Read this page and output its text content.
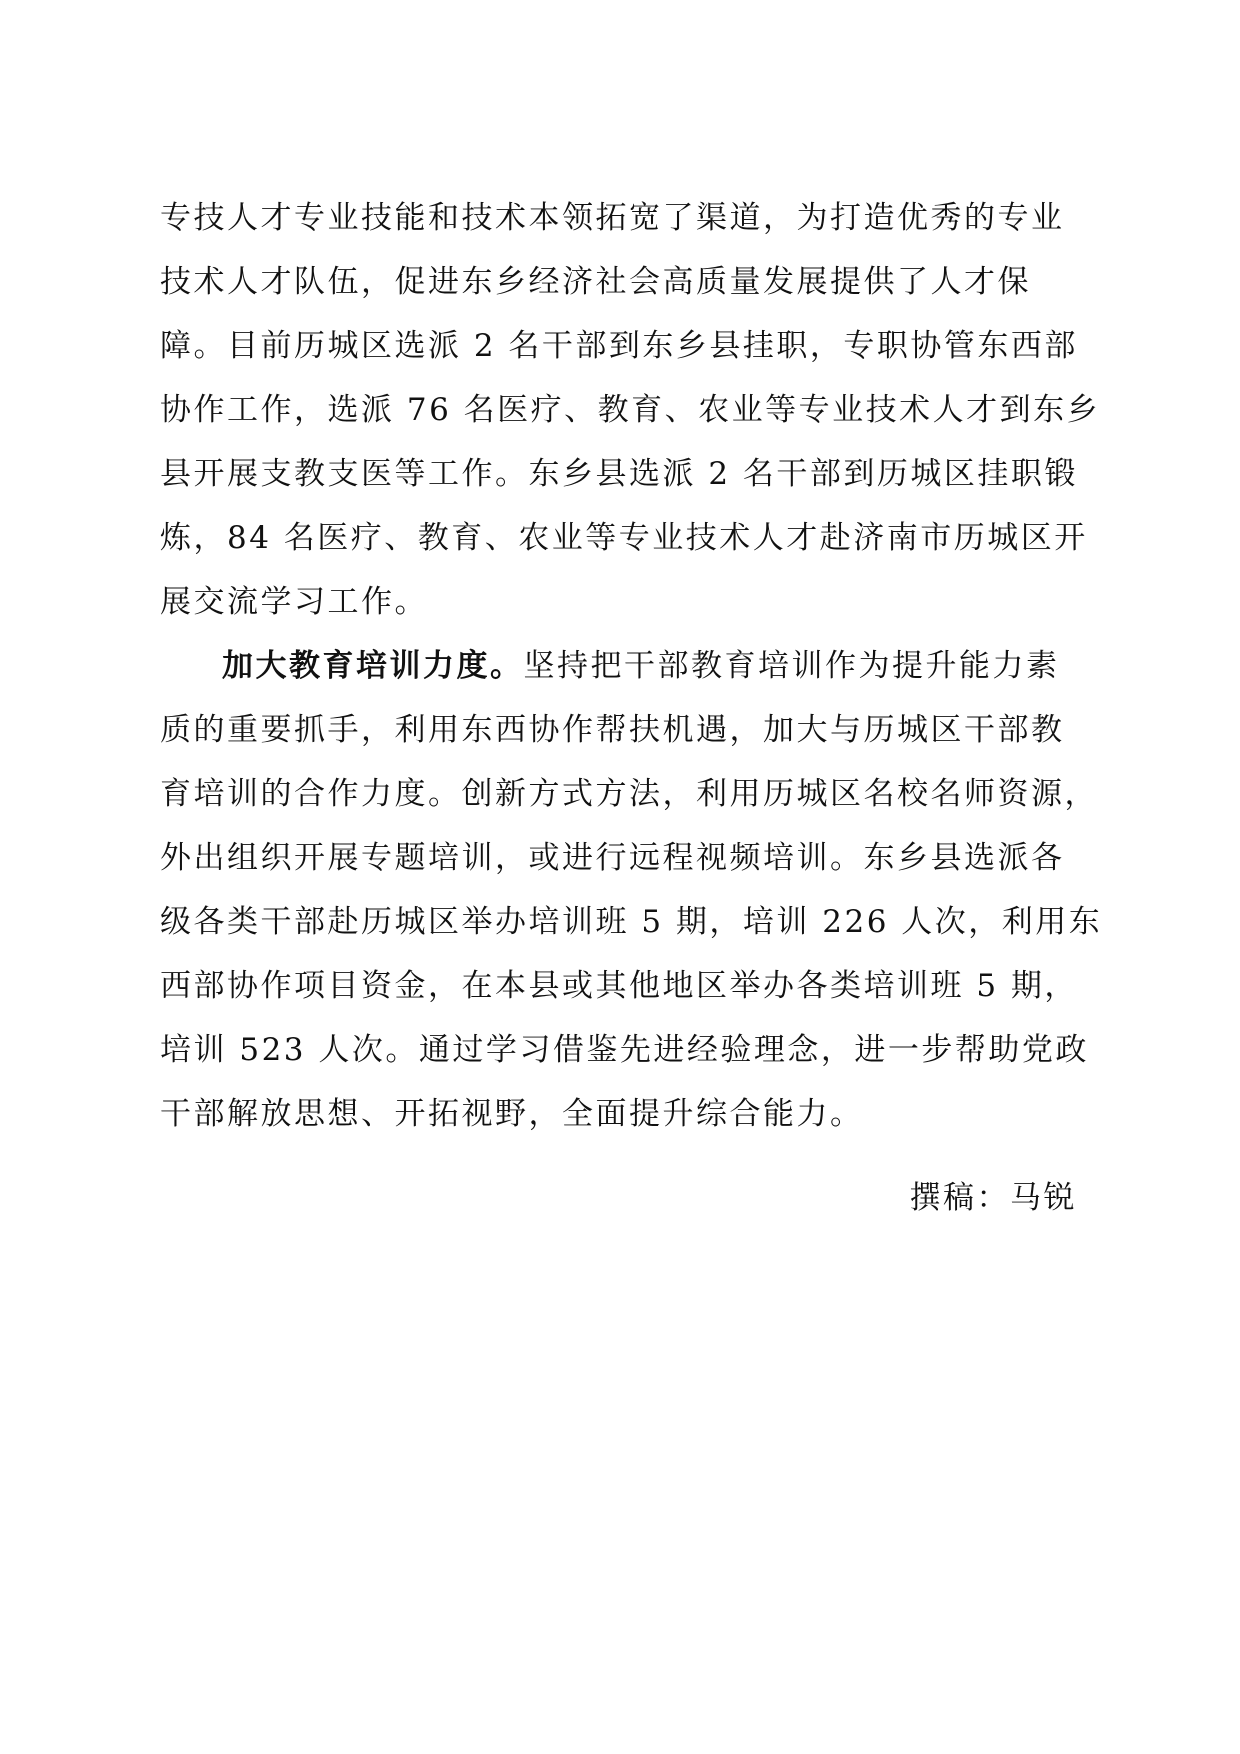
专技人才专业技能和技术本领拓宽了渠道，为打造优秀的专业
技术人才队伍，促进东乡经济社会高质量发展提供了人才保
障。目前历城区选派 2 名干部到东乡县挂职，专职协管东西部
协作工作，选派 76 名医疗、教育、农业等专业技术人才到东乡
县开展支教支医等工作。东乡县选派 2 名干部到历城区挂职锻
炼，84 名医疗、教育、农业等专业技术人才赴济南市历城区开
展交流学习工作。
加大教育培训力度。坚持把干部教育培训作为提升能力素
质的重要抓手，利用东西协作帮扶机遇，加大与历城区干部教
育培训的合作力度。创新方式方法，利用历城区名校名师资源，
外出组织开展专题培训，或进行远程视频培训。东乡县选派各
级各类干部赴历城区举办培训班 5 期，培训 226 人次，利用东
西部协作项目资金，在本县或其他地区举办各类培训班 5 期，
培训 523 人次。通过学习借鉴先进经验理念，进一步帮助党政
干部解放思想、开拓视野，全面提升综合能力。
撰稿：马锐
